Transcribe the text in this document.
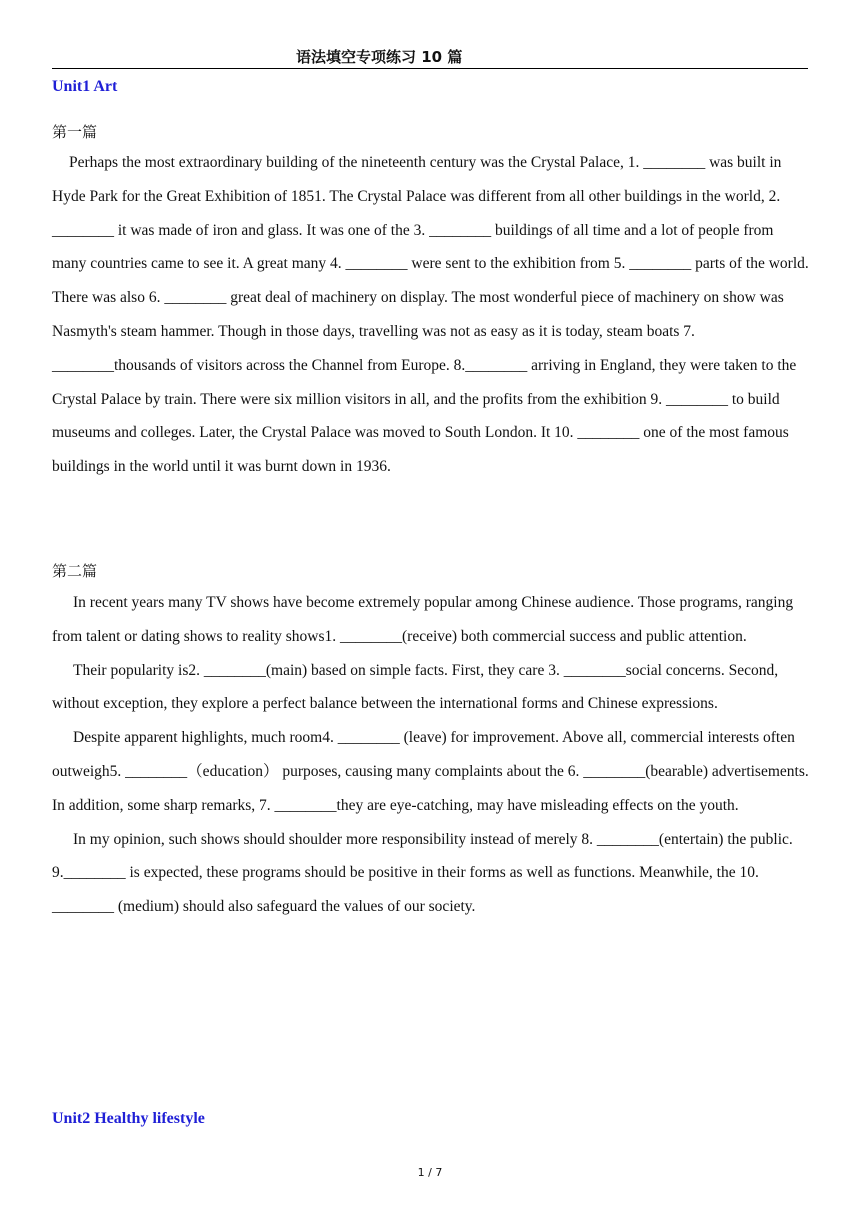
语法填空专项练习 10 篇
Unit1 Art
第一篇

Perhaps the most extraordinary building of the nineteenth century was the Crystal Palace, 1. ________ was built in Hyde Park for the Great Exhibition of 1851. The Crystal Palace was different from all other buildings in the world, 2. ________ it was made of iron and glass. It was one of the 3. ________ buildings of all time and a lot of people from many countries came to see it. A great many 4. ________ were sent to the exhibition from 5. ________ parts of the world. There was also 6. ________ great deal of machinery on display. The most wonderful piece of machinery on show was Nasmyth's steam hammer. Though in those days, travelling was not as easy as it is today, steam boats 7. ________thousands of visitors across the Channel from Europe. 8.________ arriving in England, they were taken to the Crystal Palace by train. There were six million visitors in all, and the profits from the exhibition 9. ________ to build museums and colleges. Later, the Crystal Palace was moved to South London. It 10. ________ one of the most famous buildings in the world until it was burnt down in 1936.

第二篇

In recent years many TV shows have become extremely popular among Chinese audience. Those programs, ranging from talent or dating shows to reality shows1. ________(receive) both commercial success and public attention.

Their popularity is2. ________(main) based on simple facts. First, they care 3. ________social concerns. Second, without exception, they explore a perfect balance between the international forms and Chinese expressions.

Despite apparent highlights, much room4. ________ (leave) for improvement. Above all, commercial interests often outweigh5. ________（education） purposes, causing many complaints about the 6. ________(bearable) advertisements. In addition, some sharp remarks, 7. ________they are eye-catching, may have misleading effects on the youth.

In my opinion, such shows should shoulder more responsibility instead of merely 8. ________(entertain) the public. 9.________ is expected, these programs should be positive in their forms as well as functions. Meanwhile, the 10. ________ (medium) should also safeguard the values of our society.

Unit2 Healthy lifestyle
1 / 7
